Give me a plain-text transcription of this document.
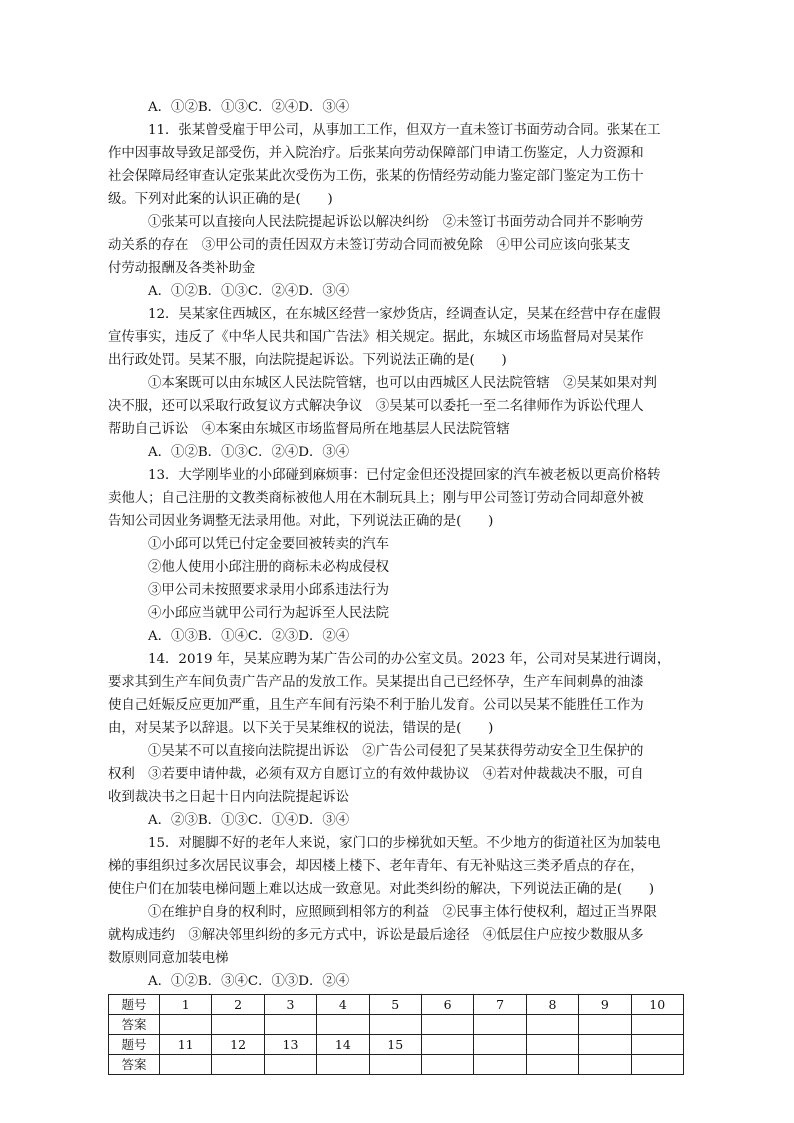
A．①②B．①③C．②④D．③④
11．张某曾受雇于甲公司，从事加工工作，但双方一直未签订书面劳动合同。张某在工
作中因事故导致足部受伤，并入院治疗。后张某向劳动保障部门申请工伤鉴定，人力资源和
社会保障局经审查认定张某此次受伤为工伤，张某的伤情经劳动能力鉴定部门鉴定为工伤十
级。下列对此案的认识正确的是(　　)
①张某可以直接向人民法院提起诉讼以解决纠纷　②未签订书面劳动合同并不影响劳
动关系的存在　③甲公司的责任因双方未签订劳动合同而被免除　④甲公司应该向张某支
付劳动报酬及各类补助金
A．①②B．①③C．②④D．③④
12．吴某家住西城区，在东城区经营一家炒货店，经调查认定，吴某在经营中存在虚假
宣传事实，违反了《中华人民共和国广告法》相关规定。据此，东城区市场监督局对吴某作
出行政处罚。吴某不服，向法院提起诉讼。下列说法正确的是(　　)
①本案既可以由东城区人民法院管辖，也可以由西城区人民法院管辖　②吴某如果对判
决不服，还可以采取行政复议方式解决争议　③吴某可以委托一至二名律师作为诉讼代理人
帮助自己诉讼　④本案由东城区市场监督局所在地基层人民法院管辖
A．①②B．①③C．②④D．③④
13．大学刚毕业的小邱碰到麻烦事：已付定金但还没提回家的汽车被老板以更高价格转
卖他人；自己注册的文教类商标被他人用在木制玩具上；刚与甲公司签订劳动合同却意外被
告知公司因业务调整无法录用他。对此，下列说法正确的是(　　)
①小邱可以凭已付定金要回被转卖的汽车
②他人使用小邱注册的商标未必构成侵权
③甲公司未按照要求录用小邱系违法行为
④小邱应当就甲公司行为起诉至人民法院
A．①③B．①④C．②③D．②④
14．2019 年，吴某应聘为某广告公司的办公室文员。2023 年，公司对吴某进行调岗，
要求其到生产车间负责广告产品的发放工作。吴某提出自己已经怀孕，生产车间刺鼻的油漆
使自己妊娠反应更加严重，且生产车间有污染不利于胎儿发育。公司以吴某不能胜任工作为
由，对吴某予以辞退。以下关于吴某维权的说法，错误的是(　　)
①吴某不可以直接向法院提出诉讼　②广告公司侵犯了吴某获得劳动安全卫生保护的
权利　③若要申请仲裁，必须有双方自愿订立的有效仲裁协议　④若对仲裁裁决不服，可自
收到裁决书之日起十日内向法院提起诉讼
A．②③B．①③C．①④D．③④
15．对腿脚不好的老年人来说，家门口的步梯犹如天堑。不少地方的街道社区为加装电
梯的事组织过多次居民议事会，却因楼上楼下、老年青年、有无补贴这三类矛盾点的存在，
使住户们在加装电梯问题上难以达成一致意见。对此类纠纷的解决，下列说法正确的是(　　)
①在维护自身的权利时，应照顾到相邻方的利益　②民事主体行使权利，超过正当界限
就构成违约　③解决邻里纠纷的多元方式中，诉讼是最后途径　④低层住户应按少数服从多
数原则同意加装电梯
A．①②B．③④C．①③D．②④
题号	1	2	3	4	5	6	7	8	9	10
答案										
题号	11	12	13	14	15					
答案										
